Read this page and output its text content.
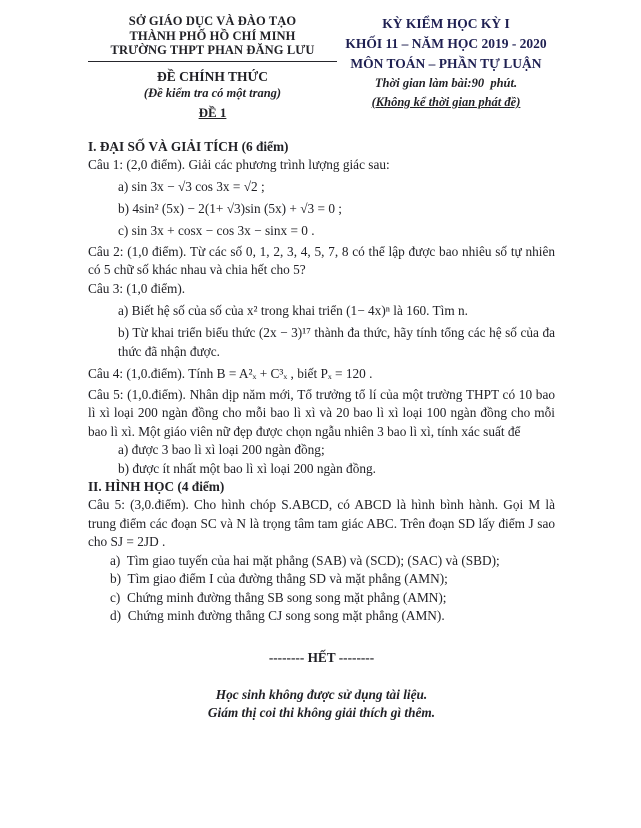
SỞ GIÁO DỤC VÀ ĐÀO TẠO
THÀNH PHỐ HỒ CHÍ MINH
TRƯỜNG THPT PHAN ĐĂNG LƯU
ĐỀ CHÍNH THỨC
(Đề kiểm tra có một trang)
ĐỀ 1
KỲ KIỂM HỌC KỲ I
KHỐI 11 – NĂM HỌC 2019 - 2020
MÔN TOÁN – PHẦN TỰ LUẬN
Thời gian làm bài:90  phút.
(Không kể thời gian phát đề)

I. ĐẠI SỐ VÀ GIẢI TÍCH (6 điểm)

Câu 1: (2,0 điểm). Giải các phương trình lượng giác sau:

a) sin 3x − √3 cos 3x = √2 ;

b) 4sin² (5x) − 2(1+ √3)sin (5x) + √3 = 0 ;

c) sin 3x + cosx − cos 3x − sinx = 0 .

Câu 2: (1,0 điểm). Từ các số 0, 1, 2, 3, 4, 5, 7, 8 có thể lập được bao nhiêu số tự nhiên có 5 chữ số khác nhau và chia hết cho 5?

Câu 3: (1,0 điểm).

a) Biết hệ số của số của x² trong khai triển (1− 4x)ⁿ là 160. Tìm n.

b) Từ khai triển biểu thức (2x − 3)¹⁷ thành đa thức, hãy tính tổng các hệ số của đa thức đã nhận được.

Câu 4: (1,0.điểm). Tính B = A²ₓ + C³ₓ , biết Pₓ = 120 .

Câu 5: (1,0.điểm). Nhân dịp năm mới, Tổ trưởng tổ lí của một trường THPT có 10 bao lì xì loại 200 ngàn đồng cho mỗi bao lì xì và 20 bao lì xì loại 100 ngàn đồng cho mỗi bao lì xì. Một giáo viên nữ đẹp được chọn ngẫu nhiên 3 bao lì xì, tính xác suất để

a) được 3 bao lì xì loại 200 ngàn đồng;

b) được ít nhất một bao lì xì loại 200 ngàn đồng.

II. HÌNH HỌC (4 điểm)

Câu 5: (3,0.điểm). Cho hình chóp S.ABCD, có ABCD là hình bình hành. Gọi M là trung điểm các đoạn SC và N là trọng tâm tam giác ABC. Trên đoạn SD lấy điểm J sao cho SJ = 2JD .

a)  Tìm giao tuyến của hai mặt phẳng (SAB) và (SCD); (SAC) và (SBD);

b)  Tìm giao điểm I của đường thẳng SD và mặt phẳng (AMN);

c)  Chứng minh đường thẳng SB song song mặt phẳng (AMN);

d)  Chứng minh đường thẳng CJ song song mặt phẳng (AMN).

-------- HẾT --------

Học sinh không được sử dụng tài liệu.

Giám thị coi thi không giải thích gì thêm.
